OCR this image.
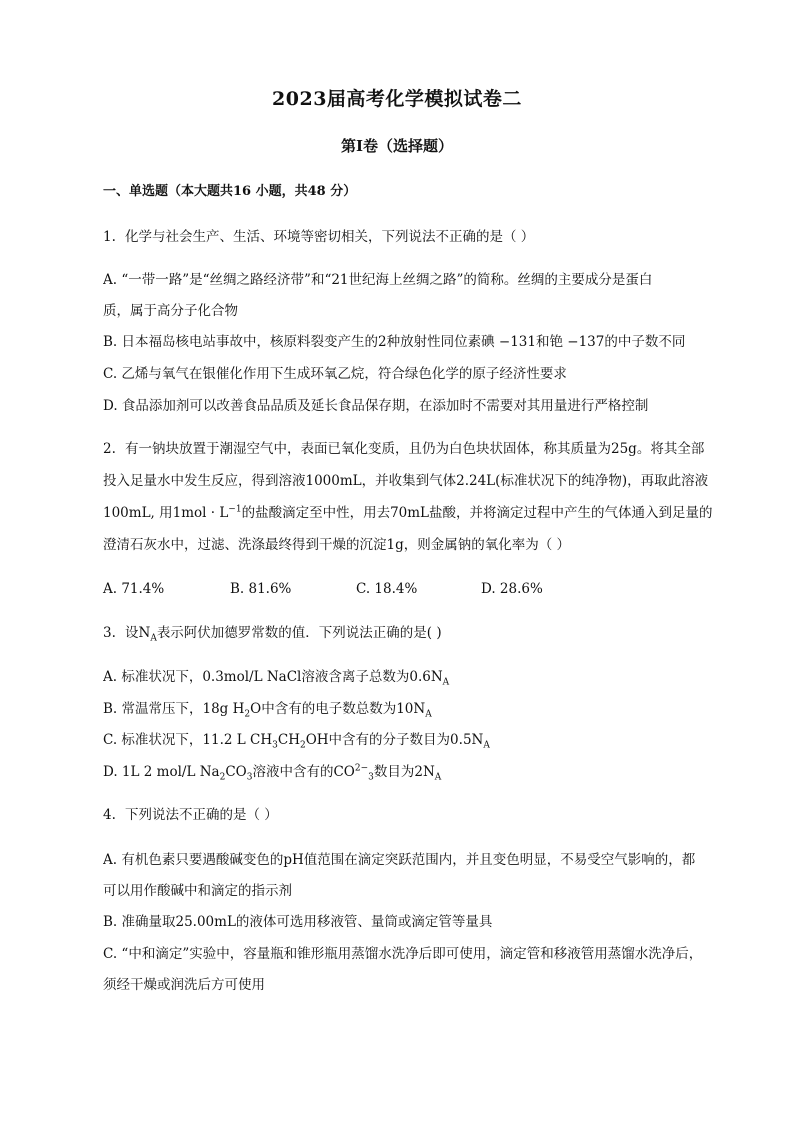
2023届高考化学模拟试卷二
第I卷（选择题）
一、单选题（本大题共16 小题，共48 分）
1. 化学与社会生产、生活、环境等密切相关，下列说法不正确的是（ ）
A. “一带一路”是“丝绸之路经济带”和“21世纪海上丝绸之路”的简称。丝绸的主要成分是蛋白
质，属于高分子化合物
B. 日本福岛核电站事故中，核原料裂变产生的2种放射性同位素碘 −131和铯 −137的中子数不同
C. 乙烯与氧气在银催化作用下生成环氧乙烷，符合绿色化学的原子经济性要求
D. 食品添加剂可以改善食品品质及延长食品保存期，在添加时不需要对其用量进行严格控制
2. 有一钠块放置于潮湿空气中，表面已氧化变质，且仍为白色块状固体，称其质量为25g。将其全部
投入足量水中发生反应，得到溶液1000mL，并收集到气体2.24L(标准状况下的纯净物)，再取此溶液
100mL, 用$1mol \cdot L^{-1}$的盐酸滴定至中性，用去70mL盐酸，并将滴定过程中产生的气体通入到足量的
澄清石灰水中，过滤、洗涤最终得到干燥的沉淀1g，则金属钠的氧化率为（ ）
A. 71.4%	B. 81.6%	C. 18.4%	D. 28.6%
3. 设$N_A$表示阿伏加德罗常数的值．下列说法正确的是( )
A. 标准状况下，0.3mol/L NaCl溶液含离子总数为$0.6N_A$
B. 常温常压下，18g $H_2O$中含有的电子数总数为$10N_A$
C. 标准状况下，11.2 L $CH_3CH_2OH$中含有的分子数目为$0.5N_A$
D. 1L 2 mol/L $Na_2CO_3$溶液中含有的$CO^{2-}_3$数目为$2N_A$
4. 下列说法不正确的是（ ）
A. 有机色素只要遇酸碱变色的pH值范围在滴定突跃范围内，并且变色明显，不易受空气影响的，都
可以用作酸碱中和滴定的指示剂
B. 准确量取25.00mL的液体可选用移液管、量筒或滴定管等量具
C. “中和滴定”实验中，容量瓶和锥形瓶用蒸馏水洗净后即可使用，滴定管和移液管用蒸馏水洗净后，
须经干燥或润洗后方可使用
